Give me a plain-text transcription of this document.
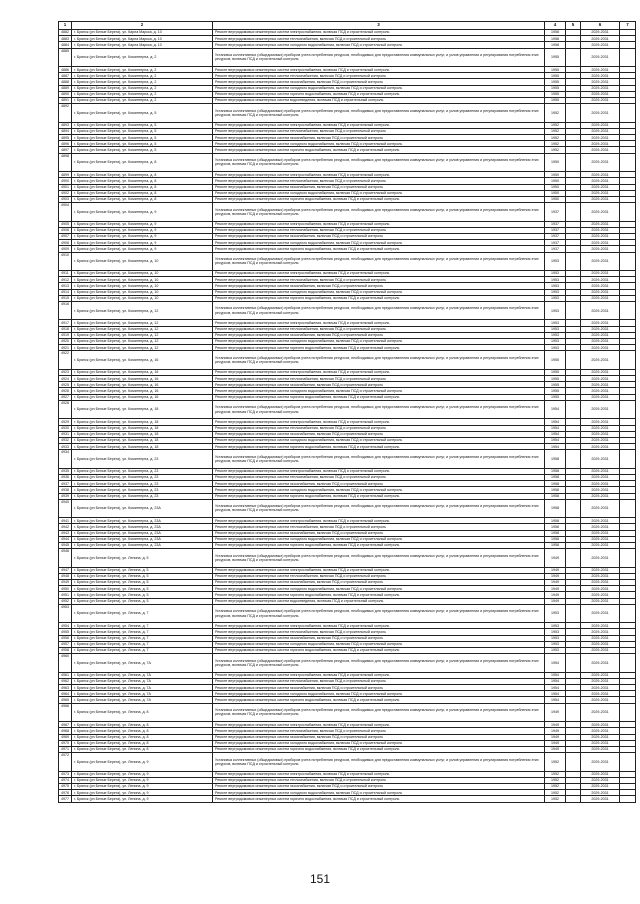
1	2	3	4	5	6	7
4882	г. Брянск (рп Белые Берега), ул. Карла Маркса, д. 10	Ремонт внутридомовых инженерных систем электроснабжения, включая ПСД и строительный контроль	1958		2029-2031	
4883	г. Брянск (рп Белые Берега), ул. Карла Маркса, д. 10	Ремонт внутридомовых инженерных систем теплоснабжения, включая ПСД и строительный контроль	1958		2029-2031	
4884	г. Брянск (рп Белые Берега), ул. Карла Маркса, д. 10	Ремонт внутридомовых инженерных систем холодного водоснабжения, включая ПСД и строительный контроль	1958		2029-2031	
4885	г. Брянск (рп Белые Берега), ул. Коминтерна, д. 2	Установка коллективных (общедомовых) приборов учета потребления ресурсов, необходимых для предоставления коммунальных услуг, и узлов управления и регулирования потребления этих ресурсов, включая ПСД и строительный контроль	1955		2029-2031	
4886	г. Брянск (рп Белые Берега), ул. Коминтерна, д. 2	Ремонт внутридомовых инженерных систем электроснабжения, включая ПСД и строительный контроль	1955		2029-2031	
4887	г. Брянск (рп Белые Берега), ул. Коминтерна, д. 2	Ремонт внутридомовых инженерных систем теплоснабжения, включая ПСД и строительный контроль	1955		2029-2031	
4888	г. Брянск (рп Белые Берега), ул. Коминтерна, д. 2	Ремонт внутридомовых инженерных систем газоснабжения, включая ПСД и строительный контроль	1955		2029-2031	
4889	г. Брянск (рп Белые Берега), ул. Коминтерна, д. 2	Ремонт внутридомовых инженерных систем холодного водоснабжения, включая ПСД и строительный контроль	1955		2029-2031	
4890	г. Брянск (рп Белые Берега), ул. Коминтерна, д. 2	Ремонт внутридомовых инженерных систем горячего водоснабжения, включая ПСД и строительный контроль	1955		2029-2031	
4891	г. Брянск (рп Белые Берега), ул. Коминтерна, д. 2	Ремонт внутридомовых инженерных систем водоотведения, включая ПСД и строительный контроль	1955		2029-2031	
4892	г. Брянск (рп Белые Берега), ул. Коминтерна, д. 5	Установка коллективных (общедомовых) приборов учета потребления ресурсов, необходимых для предоставления коммунальных услуг, и узлов управления и регулирования потребления этих ресурсов, включая ПСД и строительный контроль	1952		2029-2031	
4893	г. Брянск (рп Белые Берега), ул. Коминтерна, д. 5	Ремонт внутридомовых инженерных систем электроснабжения, включая ПСД и строительный контроль	1952		2029-2031	
4894	г. Брянск (рп Белые Берега), ул. Коминтерна, д. 5	Ремонт внутридомовых инженерных систем теплоснабжения, включая ПСД и строительный контроль	1952		2029-2031	
4895	г. Брянск (рп Белые Берега), ул. Коминтерна, д. 5	Ремонт внутридомовых инженерных систем газоснабжения, включая ПСД и строительный контроль	1952		2029-2031	
4896	г. Брянск (рп Белые Берега), ул. Коминтерна, д. 5	Ремонт внутридомовых инженерных систем холодного водоснабжения, включая ПСД и строительный контроль	1952		2029-2031	
4897	г. Брянск (рп Белые Берега), ул. Коминтерна, д. 5	Ремонт внутридомовых инженерных систем горячего водоснабжения, включая ПСД и строительный контроль	1952		2029-2031	
4898	г. Брянск (рп Белые Берега), ул. Коминтерна, д. 8	Установка коллективных (общедомовых) приборов учета потребления ресурсов, необходимых для предоставления коммунальных услуг, и узлов управления и регулирования потребления этих ресурсов, включая ПСД и строительный контроль	1950		2029-2031	
4899	г. Брянск (рп Белые Берега), ул. Коминтерна, д. 8	Ремонт внутридомовых инженерных систем электроснабжения, включая ПСД и строительный контроль	1950		2029-2031	
4900	г. Брянск (рп Белые Берега), ул. Коминтерна, д. 8	Ремонт внутридомовых инженерных систем теплоснабжения, включая ПСД и строительный контроль	1950		2029-2031	
4901	г. Брянск (рп Белые Берега), ул. Коминтерна, д. 8	Ремонт внутридомовых инженерных систем газоснабжения, включая ПСД и строительный контроль	1950		2029-2031	
4902	г. Брянск (рп Белые Берега), ул. Коминтерна, д. 8	Ремонт внутридомовых инженерных систем холодного водоснабжения, включая ПСД и строительный контроль	1950		2029-2031	
4903	г. Брянск (рп Белые Берега), ул. Коминтерна, д. 8	Ремонт внутридомовых инженерных систем горячего водоснабжения, включая ПСД и строительный контроль	1950		2029-2031	
4904	г. Брянск (рп Белые Берега), ул. Коминтерна, д. 9	Установка коллективных (общедомовых) приборов учета потребления ресурсов, необходимых для предоставления коммунальных услуг, и узлов управления и регулирования потребления этих ресурсов, включая ПСД и строительный контроль	1937		2029-2031	
4905	г. Брянск (рп Белые Берега), ул. Коминтерна, д. 9	Ремонт внутридомовых инженерных систем электроснабжения, включая ПСД и строительный контроль	1937		2029-2031	
4906	г. Брянск (рп Белые Берега), ул. Коминтерна, д. 9	Ремонт внутридомовых инженерных систем теплоснабжения, включая ПСД и строительный контроль	1937		2029-2031	
4907	г. Брянск (рп Белые Берега), ул. Коминтерна, д. 9	Ремонт внутридомовых инженерных систем газоснабжения, включая ПСД и строительный контроль	1937		2029-2031	
4908	г. Брянск (рп Белые Берега), ул. Коминтерна, д. 9	Ремонт внутридомовых инженерных систем холодного водоснабжения, включая ПСД и строительный контроль	1937		2029-2031	
4909	г. Брянск (рп Белые Берега), ул. Коминтерна, д. 9	Ремонт внутридомовых инженерных систем горячего водоснабжения, включая ПСД и строительный контроль	1937		2029-2031	
4910	г. Брянск (рп Белые Берега), ул. Коминтерна, д. 10	Установка коллективных (общедомовых) приборов учета потребления ресурсов, необходимых для предоставления коммунальных услуг, и узлов управления и регулирования потребления этих ресурсов, включая ПСД и строительный контроль	1953		2029-2031	
4911	г. Брянск (рп Белые Берега), ул. Коминтерна, д. 10	Ремонт внутридомовых инженерных систем электроснабжения, включая ПСД и строительный контроль	1953		2029-2031	
4912	г. Брянск (рп Белые Берега), ул. Коминтерна, д. 10	Ремонт внутридомовых инженерных систем теплоснабжения, включая ПСД и строительный контроль	1953		2029-2031	
4913	г. Брянск (рп Белые Берега), ул. Коминтерна, д. 10	Ремонт внутридомовых инженерных систем газоснабжения, включая ПСД и строительный контроль	1953		2029-2031	
4914	г. Брянск (рп Белые Берега), ул. Коминтерна, д. 10	Ремонт внутридомовых инженерных систем холодного водоснабжения, включая ПСД и строительный контроль	1953		2029-2031	
4915	г. Брянск (рп Белые Берега), ул. Коминтерна, д. 10	Ремонт внутридомовых инженерных систем горячего водоснабжения, включая ПСД и строительный контроль	1953		2029-2031	
4916	г. Брянск (рп Белые Берега), ул. Коминтерна, д. 12	Установка коллективных (общедомовых) приборов учета потребления ресурсов, необходимых для предоставления коммунальных услуг, и узлов управления и регулирования потребления этих ресурсов, включая ПСД и строительный контроль	1953		2029-2031	
4917	г. Брянск (рп Белые Берега), ул. Коминтерна, д. 12	Ремонт внутридомовых инженерных систем электроснабжения, включая ПСД и строительный контроль	1953		2029-2031	
4918	г. Брянск (рп Белые Берега), ул. Коминтерна, д. 12	Ремонт внутридомовых инженерных систем теплоснабжения, включая ПСД и строительный контроль	1953		2029-2031	
4919	г. Брянск (рп Белые Берега), ул. Коминтерна, д. 12	Ремонт внутридомовых инженерных систем газоснабжения, включая ПСД и строительный контроль	1953		2029-2031	
4920	г. Брянск (рп Белые Берега), ул. Коминтерна, д. 12	Ремонт внутридомовых инженерных систем холодного водоснабжения, включая ПСД и строительный контроль	1953		2029-2031	
4921	г. Брянск (рп Белые Берега), ул. Коминтерна, д. 12	Ремонт внутридомовых инженерных систем горячего водоснабжения, включая ПСД и строительный контроль	1953		2029-2031	
4922	г. Брянск (рп Белые Берега), ул. Коминтерна, д. 16	Установка коллективных (общедомовых) приборов учета потребления ресурсов, необходимых для предоставления коммунальных услуг, и узлов управления и регулирования потребления этих ресурсов, включая ПСД и строительный контроль	1955		2029-2031	
4923	г. Брянск (рп Белые Берега), ул. Коминтерна, д. 16	Ремонт внутридомовых инженерных систем электроснабжения, включая ПСД и строительный контроль	1955		2029-2031	
4924	г. Брянск (рп Белые Берега), ул. Коминтерна, д. 16	Ремонт внутридомовых инженерных систем теплоснабжения, включая ПСД и строительный контроль	1955		2029-2031	
4925	г. Брянск (рп Белые Берега), ул. Коминтерна, д. 16	Ремонт внутридомовых инженерных систем газоснабжения, включая ПСД и строительный контроль	1955		2029-2031	
4926	г. Брянск (рп Белые Берега), ул. Коминтерна, д. 16	Ремонт внутридомовых инженерных систем холодного водоснабжения, включая ПСД и строительный контроль	1955		2029-2031	
4927	г. Брянск (рп Белые Берега), ул. Коминтерна, д. 16	Ремонт внутридомовых инженерных систем горячего водоснабжения, включая ПСД и строительный контроль	1955		2029-2031	
4928	г. Брянск (рп Белые Берега), ул. Коминтерна, д. 18	Установка коллективных (общедомовых) приборов учета потребления ресурсов, необходимых для предоставления коммунальных услуг, и узлов управления и регулирования потребления этих ресурсов, включая ПСД и строительный контроль	1954		2029-2031	
4929	г. Брянск (рп Белые Берега), ул. Коминтерна, д. 18	Ремонт внутридомовых инженерных систем электроснабжения, включая ПСД и строительный контроль	1954		2029-2031	
4930	г. Брянск (рп Белые Берега), ул. Коминтерна, д. 18	Ремонт внутридомовых инженерных систем теплоснабжения, включая ПСД и строительный контроль	1954		2029-2031	
4931	г. Брянск (рп Белые Берега), ул. Коминтерна, д. 18	Ремонт внутридомовых инженерных систем газоснабжения, включая ПСД и строительный контроль	1954		2029-2031	
4932	г. Брянск (рп Белые Берега), ул. Коминтерна, д. 18	Ремонт внутридомовых инженерных систем холодного водоснабжения, включая ПСД и строительный контроль	1954		2029-2031	
4933	г. Брянск (рп Белые Берега), ул. Коминтерна, д. 18	Ремонт внутридомовых инженерных систем горячего водоснабжения, включая ПСД и строительный контроль	1954		2029-2031	
4934	г. Брянск (рп Белые Берега), ул. Коминтерна, д. 23	Установка коллективных (общедомовых) приборов учета потребления ресурсов, необходимых для предоставления коммунальных услуг, и узлов управления и регулирования потребления этих ресурсов, включая ПСД и строительный контроль	1958		2029-2031	
4935	г. Брянск (рп Белые Берега), ул. Коминтерна, д. 23	Ремонт внутридомовых инженерных систем электроснабжения, включая ПСД и строительный контроль	1958		2029-2031	
4936	г. Брянск (рп Белые Берега), ул. Коминтерна, д. 23	Ремонт внутридомовых инженерных систем теплоснабжения, включая ПСД и строительный контроль	1958		2029-2031	
4937	г. Брянск (рп Белые Берега), ул. Коминтерна, д. 23	Ремонт внутридомовых инженерных систем газоснабжения, включая ПСД и строительный контроль	1958		2029-2031	
4938	г. Брянск (рп Белые Берега), ул. Коминтерна, д. 23	Ремонт внутридомовых инженерных систем холодного водоснабжения, включая ПСД и строительный контроль	1958		2029-2031	
4939	г. Брянск (рп Белые Берега), ул. Коминтерна, д. 23	Ремонт внутридомовых инженерных систем горячего водоснабжения, включая ПСД и строительный контроль	1958		2029-2031	
4940	г. Брянск (рп Белые Берега), ул. Коминтерна, д. 23А	Установка коллективных (общедомовых) приборов учета потребления ресурсов, необходимых для предоставления коммунальных услуг, и узлов управления и регулирования потребления этих ресурсов, включая ПСД и строительный контроль	1958		2029-2031	
4941	г. Брянск (рп Белые Берега), ул. Коминтерна, д. 23А	Ремонт внутридомовых инженерных систем электроснабжения, включая ПСД и строительный контроль	1958		2029-2031	
4942	г. Брянск (рп Белые Берега), ул. Коминтерна, д. 23А	Ремонт внутридомовых инженерных систем теплоснабжения, включая ПСД и строительный контроль	1958		2029-2031	
4943	г. Брянск (рп Белые Берега), ул. Коминтерна, д. 23А	Ремонт внутридомовых инженерных систем газоснабжения, включая ПСД и строительный контроль	1958		2029-2031	
4944	г. Брянск (рп Белые Берега), ул. Коминтерна, д. 23А	Ремонт внутридомовых инженерных систем холодного водоснабжения, включая ПСД и строительный контроль	1958		2029-2031	
4945	г. Брянск (рп Белые Берега), ул. Коминтерна, д. 23А	Ремонт внутридомовых инженерных систем горячего водоснабжения, включая ПСД и строительный контроль	1958		2029-2031	
4946	г. Брянск (рп Белые Берега), ул. Ленина, д. 5	Установка коллективных (общедомовых) приборов учета потребления ресурсов, необходимых для предоставления коммунальных услуг, и узлов управления и регулирования потребления этих ресурсов, включая ПСД и строительный контроль	1949		2029-2031	
4947	г. Брянск (рп Белые Берега), ул. Ленина, д. 5	Ремонт внутридомовых инженерных систем электроснабжения, включая ПСД и строительный контроль	1949		2029-2031	
4948	г. Брянск (рп Белые Берега), ул. Ленина, д. 5	Ремонт внутридомовых инженерных систем теплоснабжения, включая ПСД и строительный контроль	1949		2029-2031	
4949	г. Брянск (рп Белые Берега), ул. Ленина, д. 5	Ремонт внутридомовых инженерных систем газоснабжения, включая ПСД и строительный контроль	1949		2029-2031	
4950	г. Брянск (рп Белые Берега), ул. Ленина, д. 5	Ремонт внутридомовых инженерных систем холодного водоснабжения, включая ПСД и строительный контроль	1949		2029-2031	
4951	г. Брянск (рп Белые Берега), ул. Ленина, д. 5	Ремонт внутридомовых инженерных систем горячего водоснабжения, включая ПСД и строительный контроль	1949		2029-2031	
4952	г. Брянск (рп Белые Берега), ул. Ленина, д. 5	Ремонт внутридомовых инженерных систем водоотведения, включая ПСД и строительный контроль	1949		2029-2031	
4953	г. Брянск (рп Белые Берега), ул. Ленина, д. 7	Установка коллективных (общедомовых) приборов учета потребления ресурсов, необходимых для предоставления коммунальных услуг, и узлов управления и регулирования потребления этих ресурсов, включая ПСД и строительный контроль	1953		2029-2031	
4954	г. Брянск (рп Белые Берега), ул. Ленина, д. 7	Ремонт внутридомовых инженерных систем электроснабжения, включая ПСД и строительный контроль	1953		2029-2031	
4955	г. Брянск (рп Белые Берега), ул. Ленина, д. 7	Ремонт внутридомовых инженерных систем теплоснабжения, включая ПСД и строительный контроль	1953		2029-2031	
4956	г. Брянск (рп Белые Берега), ул. Ленина, д. 7	Ремонт внутридомовых инженерных систем газоснабжения, включая ПСД и строительный контроль	1953		2029-2031	
4957	г. Брянск (рп Белые Берега), ул. Ленина, д. 7	Ремонт внутридомовых инженерных систем холодного водоснабжения, включая ПСД и строительный контроль	1953		2029-2031	
4958	г. Брянск (рп Белые Берега), ул. Ленина, д. 7	Ремонт внутридомовых инженерных систем горячего водоснабжения, включая ПСД и строительный контроль	1953		2029-2031	
4960	г. Брянск (рп Белые Берега), ул. Ленина, д. 7А	Установка коллективных (общедомовых) приборов учета потребления ресурсов, необходимых для предоставления коммунальных услуг, и узлов управления и регулирования потребления этих ресурсов, включая ПСД и строительный контроль	1954		2029-2031	
4961	г. Брянск (рп Белые Берега), ул. Ленина, д. 7А	Ремонт внутридомовых инженерных систем электроснабжения, включая ПСД и строительный контроль	1954		2029-2031	
4962	г. Брянск (рп Белые Берега), ул. Ленина, д. 7А	Ремонт внутридомовых инженерных систем теплоснабжения, включая ПСД и строительный контроль	1954		2029-2031	
4963	г. Брянск (рп Белые Берега), ул. Ленина, д. 7А	Ремонт внутридомовых инженерных систем газоснабжения, включая ПСД и строительный контроль	1954		2029-2031	
4964	г. Брянск (рп Белые Берега), ул. Ленина, д. 7А	Ремонт внутридомовых инженерных систем холодного водоснабжения, включая ПСД и строительный контроль	1954		2029-2031	
4965	г. Брянск (рп Белые Берега), ул. Ленина, д. 7А	Ремонт внутридомовых инженерных систем горячего водоснабжения, включая ПСД и строительный контроль	1954		2029-2031	
4966	г. Брянск (рп Белые Берега), ул. Ленина, д. 8	Установка коллективных (общедомовых) приборов учета потребления ресурсов, необходимых для предоставления коммунальных услуг, и узлов управления и регулирования потребления этих ресурсов, включая ПСД и строительный контроль	1949		2029-2031	
4967	г. Брянск (рп Белые Берега), ул. Ленина, д. 8	Ремонт внутридомовых инженерных систем электроснабжения, включая ПСД и строительный контроль	1949		2029-2031	
4968	г. Брянск (рп Белые Берега), ул. Ленина, д. 8	Ремонт внутридомовых инженерных систем теплоснабжения, включая ПСД и строительный контроль	1949		2029-2031	
4969	г. Брянск (рп Белые Берега), ул. Ленина, д. 8	Ремонт внутридомовых инженерных систем газоснабжения, включая ПСД и строительный контроль	1949		2029-2031	
4970	г. Брянск (рп Белые Берега), ул. Ленина, д. 8	Ремонт внутридомовых инженерных систем холодного водоснабжения, включая ПСД и строительный контроль	1949		2029-2031	
4971	г. Брянск (рп Белые Берега), ул. Ленина, д. 8	Ремонт внутридомовых инженерных систем горячего водоснабжения, включая ПСД и строительный контроль	1949		2029-2031	
4972	г. Брянск (рп Белые Берега), ул. Ленина, д. 9	Установка коллективных (общедомовых) приборов учета потребления ресурсов, необходимых для предоставления коммунальных услуг, и узлов управления и регулирования потребления этих ресурсов, включая ПСД и строительный контроль	1952		2029-2031	
4973	г. Брянск (рп Белые Берега), ул. Ленина, д. 9	Ремонт внутридомовых инженерных систем электроснабжения, включая ПСД и строительный контроль	1952		2029-2031	
4974	г. Брянск (рп Белые Берега), ул. Ленина, д. 9	Ремонт внутридомовых инженерных систем теплоснабжения, включая ПСД и строительный контроль	1952		2029-2031	
4975	г. Брянск (рп Белые Берега), ул. Ленина, д. 9	Ремонт внутридомовых инженерных систем газоснабжения, включая ПСД и строительный контроль	1952		2029-2031	
4976	г. Брянск (рп Белые Берега), ул. Ленина, д. 9	Ремонт внутридомовых инженерных систем холодного водоснабжения, включая ПСД и строительный контроль	1952		2029-2031	
4977	г. Брянск (рп Белые Берега), ул. Ленина, д. 9	Ремонт внутридомовых инженерных систем горячего водоснабжения, включая ПСД и строительный контроль	1952		2029-2031	
151
